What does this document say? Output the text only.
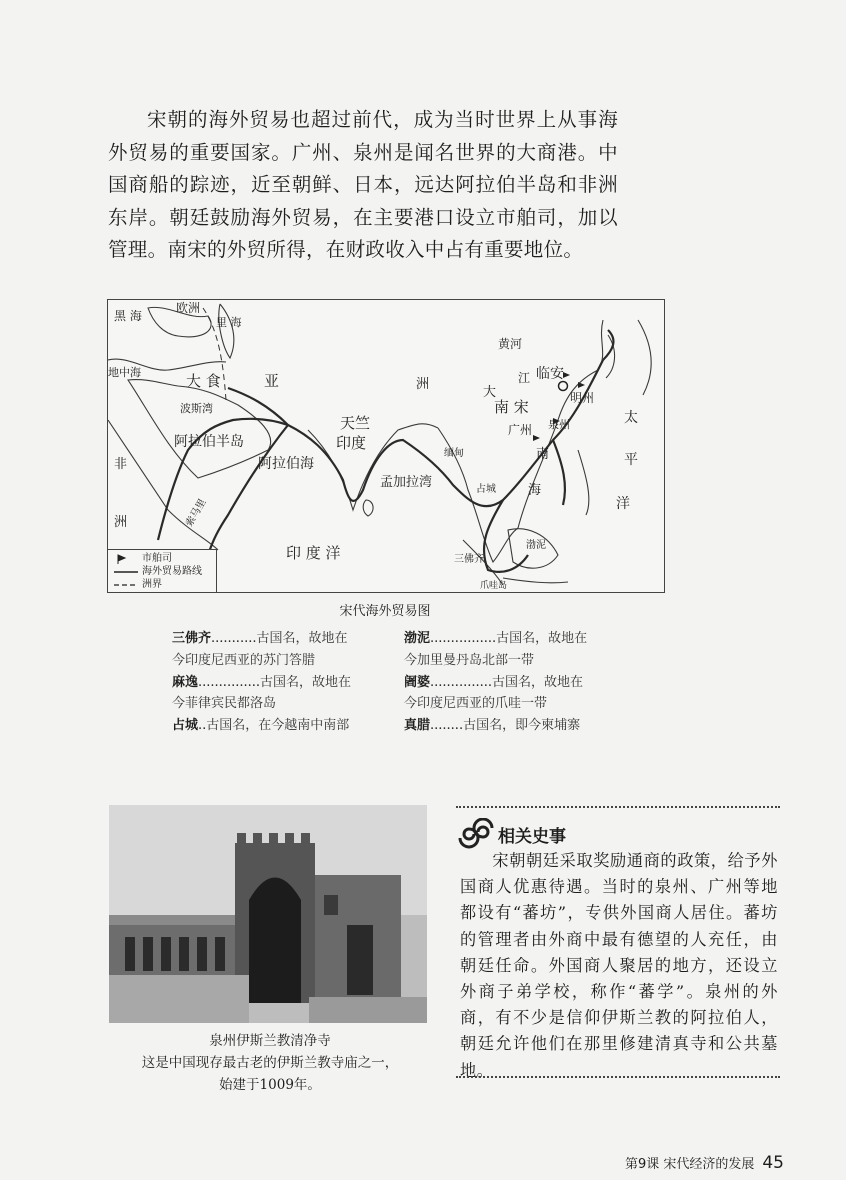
宋朝的海外贸易也超过前代，成为当时世界上从事海外贸易的重要国家。广州、泉州是闻名世界的大商港。中国商船的踪迹，近至朝鲜、日本，远达阿拉伯半岛和非洲东岸。朝廷鼓励海外贸易，在主要港口设立市舶司，加以管理。南宋的外贸所得，在财政收入中占有重要地位。

欧洲
黑 海	里 海
地中海	大 食	亚
波斯湾
阿拉伯半岛
阿拉伯海
天竺
印度
孟加拉湾
缅甸
洲
大
黄河
江
南 宋
临安
明州
广州 泉州
南
海
太
平
洋
非
洲
占城
渤泥
三佛齐
爪哇岛
印 度 洋
索马里
市舶司
海外贸易路线
洲界
宋代海外贸易图
三佛齐...........古国名，故地在
今印度尼西亚的苏门答腊
麻逸...............古国名，故地在
今菲律宾民都洛岛
占城..古国名，在今越南中南部
渤泥................古国名，故地在
今加里曼丹岛北部一带
阇婆...............古国名，故地在
今印度尼西亚的爪哇一带
真腊........古国名，即今柬埔寨
泉州伊斯兰教清净寺
这是中国现存最古老的伊斯兰教寺庙之一，
始建于1009年。
相关史事

宋朝朝廷采取奖励通商的政策，给予外国商人优惠待遇。当时的泉州、广州等地都设有“蕃坊”，专供外国商人居住。蕃坊的管理者由外商中最有德望的人充任，由朝廷任命。外国商人聚居的地方，还设立外商子弟学校，称作“蕃学”。泉州的外商，有不少是信仰伊斯兰教的阿拉伯人，朝廷允许他们在那里修建清真寺和公共墓地。

第9课 宋代经济的发展 45
